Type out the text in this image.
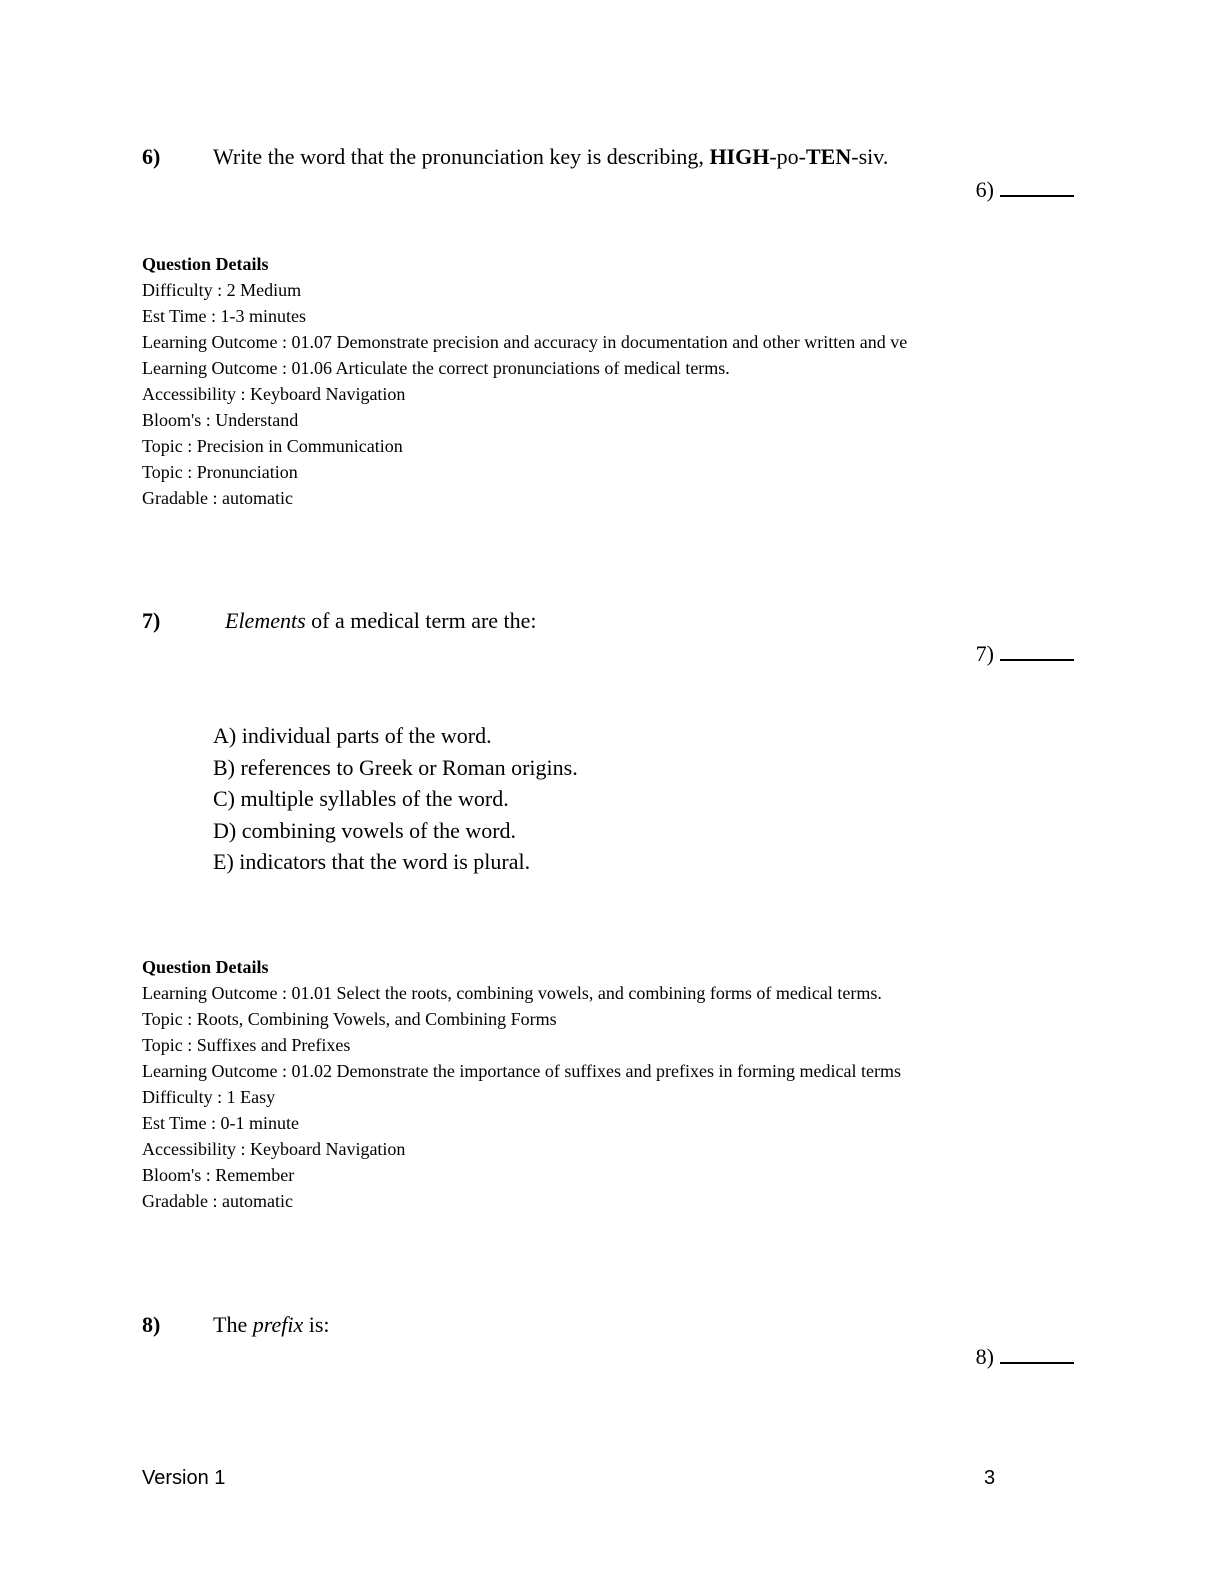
6) Write the word that the pronunciation key is describing, HIGH-po-TEN-siv.
6)
Question Details
Difficulty : 2 Medium
Est Time : 1-3 minutes
Learning Outcome : 01.07 Demonstrate precision and accuracy in documentation and other written and ve
Learning Outcome : 01.06 Articulate the correct pronunciations of medical terms.
Accessibility : Keyboard Navigation
Bloom's : Understand
Topic : Precision in Communication
Topic : Pronunciation
Gradable : automatic
7)	Elements of a medical term are the:
7)
A) individual parts of the word.
B) references to Greek or Roman origins.
C) multiple syllables of the word.
D) combining vowels of the word.
E) indicators that the word is plural.
Question Details
Learning Outcome : 01.01 Select the roots, combining vowels, and combining forms of medical terms.
Topic : Roots, Combining Vowels, and Combining Forms
Topic : Suffixes and Prefixes
Learning Outcome : 01.02 Demonstrate the importance of suffixes and prefixes in forming medical terms
Difficulty : 1 Easy
Est Time : 0-1 minute
Accessibility : Keyboard Navigation
Bloom's : Remember
Gradable : automatic
8) The prefix is:
8)
Version 1	3
